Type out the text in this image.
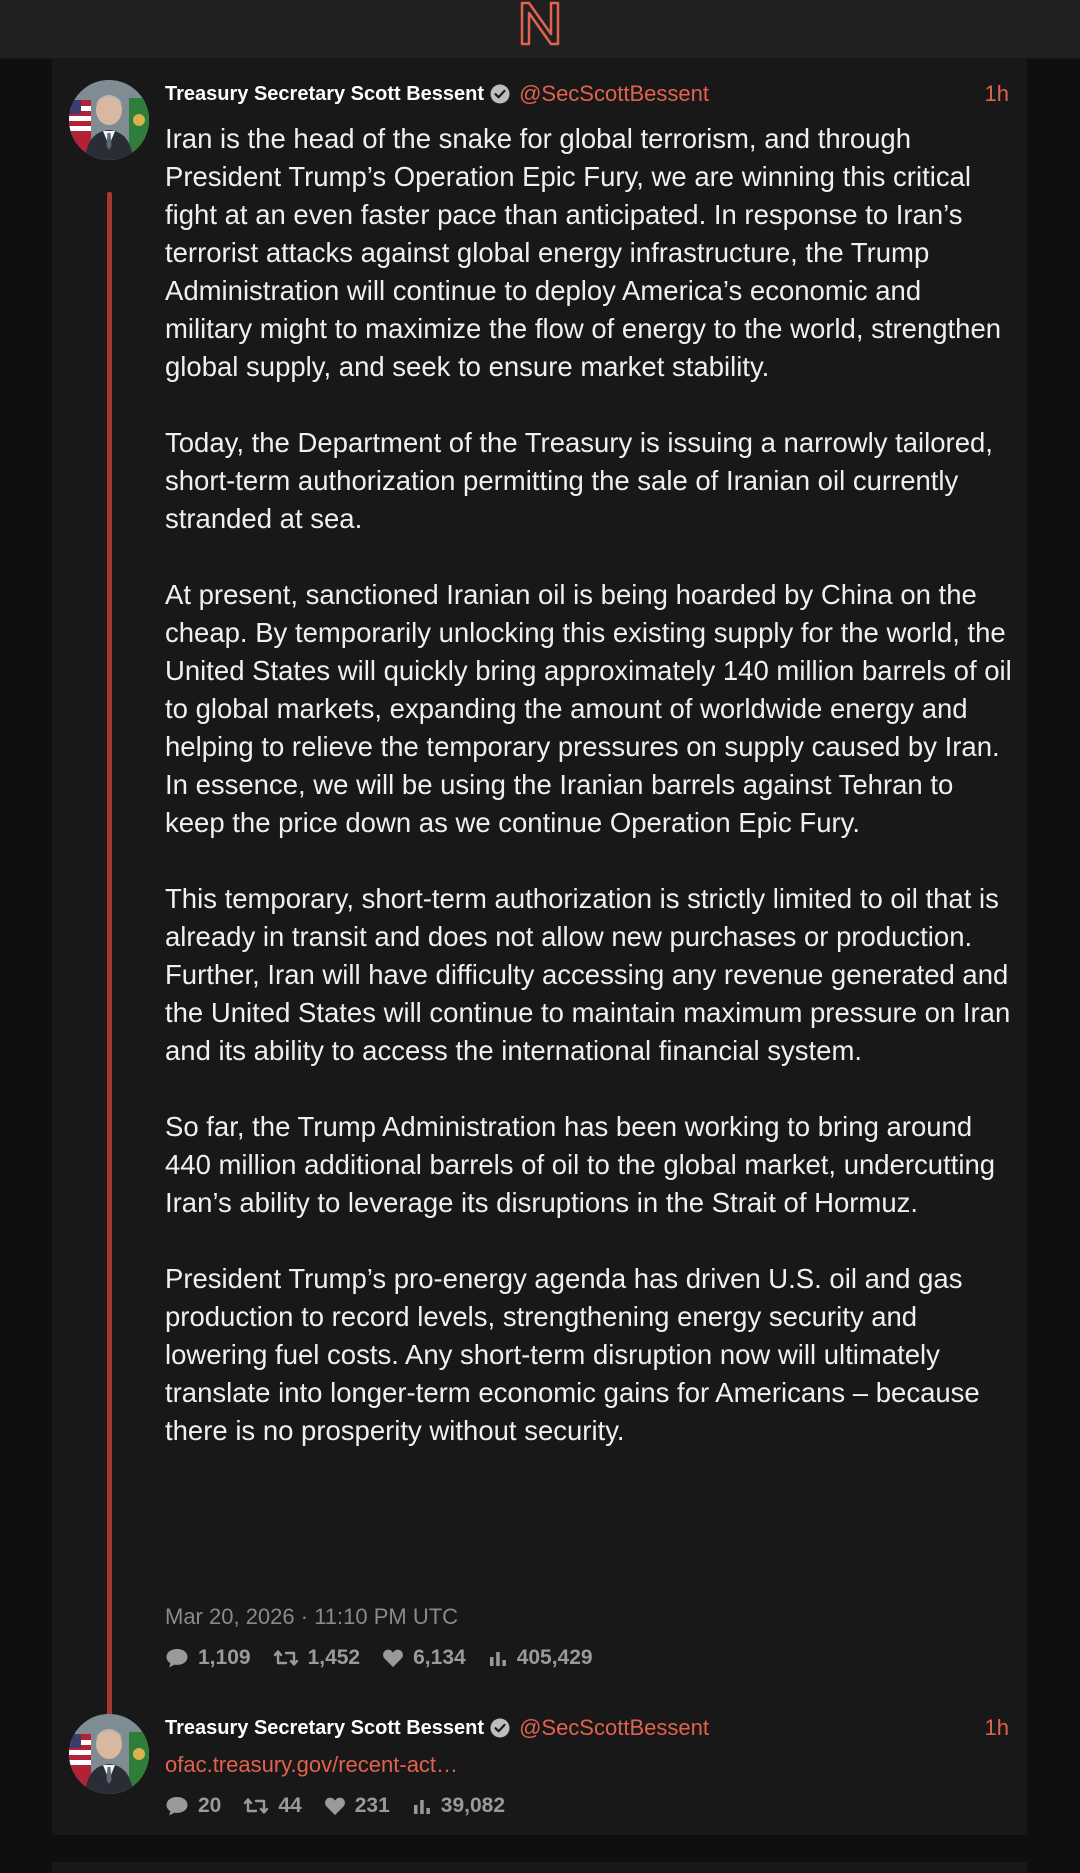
Treasury Secretary Scott Bessent @SecScottBessent	1h

Iran is the head of the snake for global terrorism, and through President Trump’s Operation Epic Fury, we are winning this critical fight at an even faster pace than anticipated. In response to Iran’s terrorist attacks against global energy infrastructure, the Trump Administration will continue to deploy America’s economic and military might to maximize the flow of energy to the world, strengthen global supply, and seek to ensure market stability.

Today, the Department of the Treasury is issuing a narrowly tailored, short-term authorization permitting the sale of Iranian oil currently stranded at sea.

At present, sanctioned Iranian oil is being hoarded by China on the cheap. By temporarily unlocking this existing supply for the world, the United States will quickly bring approximately 140 million barrels of oil to global markets, expanding the amount of worldwide energy and helping to relieve the temporary pressures on supply caused by Iran. In essence, we will be using the Iranian barrels against Tehran to keep the price down as we continue Operation Epic Fury.

This temporary, short-term authorization is strictly limited to oil that is already in transit and does not allow new purchases or production. Further, Iran will have difficulty accessing any revenue generated and the United States will continue to maintain maximum pressure on Iran and its ability to access the international financial system.

So far, the Trump Administration has been working to bring around 440 million additional barrels of oil to the global market, undercutting Iran’s ability to leverage its disruptions in the Strait of Hormuz.

President Trump’s pro-energy agenda has driven U.S. oil and gas production to record levels, strengthening energy security and lowering fuel costs. Any short-term disruption now will ultimately translate into longer-term economic gains for Americans – because there is no prosperity without security.

Mar 20, 2026 · 11:10 PM UTC
1,109	1,452	6,134 405,429
Treasury Secretary Scott Bessent @SecScottBessent	1h
ofac.treasury.gov/recent-act…
20	44	231 39,082
